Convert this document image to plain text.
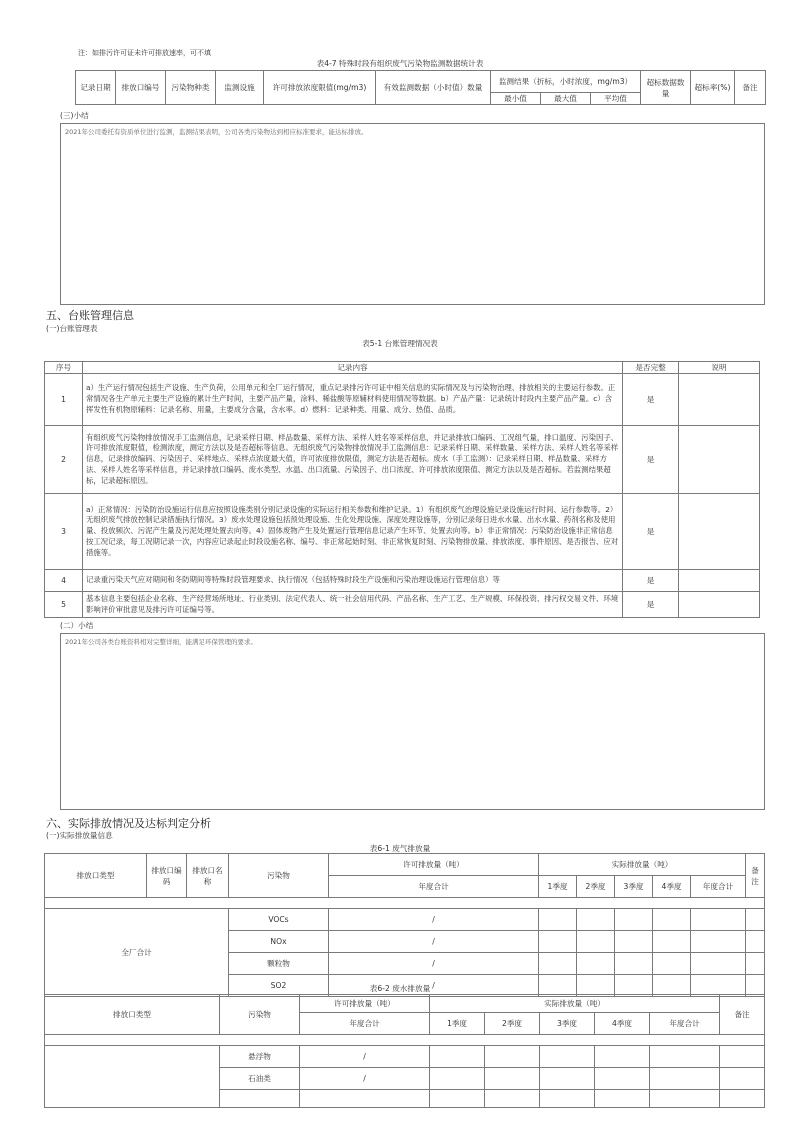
注：如排污许可证未许可排放速率，可不填
表4-7 特殊时段有组织废气污染物监测数据统计表
记录日期	排放口编号	污染物种类	监测设施	许可排放浓度限值(mg/m3)	有效监测数据（小时值）数量	监测结果（折标，小时浓度，mg/m3）			超标数据数量	超标率(%)	备注
						最小值	最大值	平均值			
(三)小结
2021年公司委托有资质单位进行监测，监测结果表明，公司各类污染物达到相应标准要求，能达标排放。
五、台账管理信息
(一)台账管理表
表5-1 台账管理情况表
序号	记录内容	是否完整	说明
1	a）生产运行情况包括生产设施、生产负荷，公用单元和全厂运行情况，重点记录排污许可证中相关信息的实际情况及与污染物治理、排放相关的主要运行参数。正常情况各生产单元主要生产设施的累计生产时间，主要产品产量，涂料、稀盐酸等原辅材料使用情况等数据。b）产品产量：记录统计时段内主要产品产量。c）含挥发性有机物原辅料：记录名称、用量，主要成分含量，含水率。d）燃料：记录种类、用量、成分、热值、品质。	是	
2	有组织废气污染物排放情况手工监测信息，记录采样日期、样品数量、采样方法、采样人姓名等采样信息，并记录排放口编码、工况组气量，排口温度、污染因子、许可排放浓度限值，检测浓度，测定方法以及是否超标等信息。无组织废气污染物排放情况手工监测信息：记录采样日期、采样数量、采样方法、采样人姓名等采样信息，记录排放编码、污染因子、采样地点、采样点浓度最大值，许可浓度排放限值，测定方法是否超标。废水（手工监测）：记录采样日期、样品数量、采样方法、采样人姓名等采样信息，并记录排放口编码、废水类型、水温、出口流量、污染因子、出口浓度、许可排放浓度限值、测定方法以及是否超标。若监测结果超标，记录超标原因。	是	
3	a）正常情况：污染防治设施运行信息应按照设施类别分别记录设施的实际运行相关参数和维护记录。1）有组织废气治理设施记录设施运行时间、运行参数等。2）无组织废气排放控制记录措施执行情况。3）废水处理设施包括预处理设施、生化处理设施、深度处理设施等，分别记录每日进水水量、出水水量、药剂名称及使用量、投放频次、污泥产生量及污泥处理处置去向等。4）固体废物产生及处置运行管理信息记录产生环节、处置去向等。b）非正常情况：污染防治设施非正常信息按工况记录，每工况期记录一次，内容应记录起止时段设施名称、编号、非正常起始时刻、非正常恢复时刻、污染物排放量、排放浓度、事件原因、是否报告、应对措施等。	是	
4	记录重污染天气应对期间和冬防期间等特殊时段管理要求、执行情况（包括特殊时段生产设施和污染治理设施运行管理信息）等	是	
5	基本信息主要包括企业名称、生产经营场所地址、行业类别、法定代表人、统一社会信用代码、产品名称、生产工艺、生产规模、环保投资、排污权交易文件、环境影响评价审批意见及排污许可证编号等。	是	
(二）小结
2021年公司各类台账资料相对完整详细，能满足环保管理的要求。
六、实际排放情况及达标判定分析
(一)实际排放量信息
表6-1 废气排放量
排放口类型	排放口编码	排放口名称	污染物	许可排放量（吨）	实际排放量（吨）					备注
				年度合计	1季度	2季度	3季度	4季度	年度合计	

全厂合计			VOCs	/						
			NOx	/						
			颗粒物	/						
			SO2	/						
表6-2 废水排放量
排放口类型	污染物	许可排放量（吨）	实际排放量（吨）					备注
		年度合计	1季度	2季度	3季度	4季度	年度合计	

	悬浮物	/						
	石油类	/						
